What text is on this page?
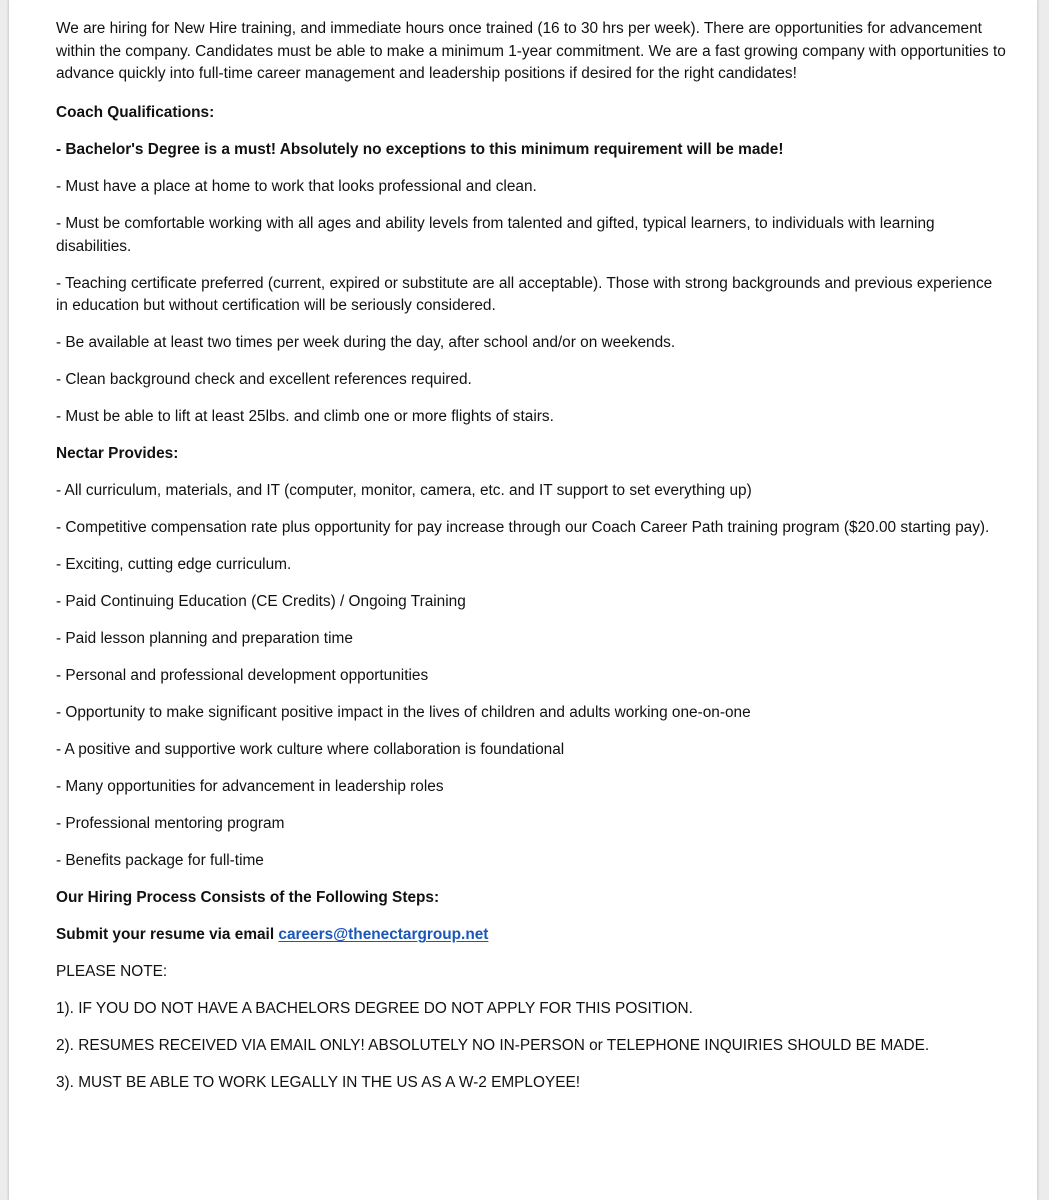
We are hiring for New Hire training, and immediate hours once trained (16 to 30 hrs per week). There are opportunities for advancement within the company. Candidates must be able to make a minimum 1-year commitment. We are a fast growing company with opportunities to advance quickly into full-time career management and leadership positions if desired for the right candidates!

Coach Qualifications:

- Bachelor's Degree is a must! Absolutely no exceptions to this minimum requirement will be made!

- Must have a place at home to work that looks professional and clean.

- Must be comfortable working with all ages and ability levels from talented and gifted, typical learners, to individuals with learning disabilities.

- Teaching certificate preferred (current, expired or substitute are all acceptable). Those with strong backgrounds and previous experience in education but without certification will be seriously considered.

- Be available at least two times per week during the day, after school and/or on weekends.

- Clean background check and excellent references required.

- Must be able to lift at least 25lbs. and climb one or more flights of stairs.

Nectar Provides:

- All curriculum, materials, and IT (computer, monitor, camera, etc. and IT support to set everything up)

- Competitive compensation rate plus opportunity for pay increase through our Coach Career Path training program ($20.00 starting pay).

- Exciting, cutting edge curriculum.

- Paid Continuing Education (CE Credits) / Ongoing Training

- Paid lesson planning and preparation time

- Personal and professional development opportunities

- Opportunity to make significant positive impact in the lives of children and adults working one-on-one

- A positive and supportive work culture where collaboration is foundational

- Many opportunities for advancement in leadership roles

- Professional mentoring program

- Benefits package for full-time

Our Hiring Process Consists of the Following Steps:

Submit your resume via email careers@thenectargroup.net

PLEASE NOTE:

1). IF YOU DO NOT HAVE A BACHELORS DEGREE DO NOT APPLY FOR THIS POSITION.

2). RESUMES RECEIVED VIA EMAIL ONLY! ABSOLUTELY NO IN-PERSON or TELEPHONE INQUIRIES SHOULD BE MADE.

3). MUST BE ABLE TO WORK LEGALLY IN THE US AS A W-2 EMPLOYEE!
